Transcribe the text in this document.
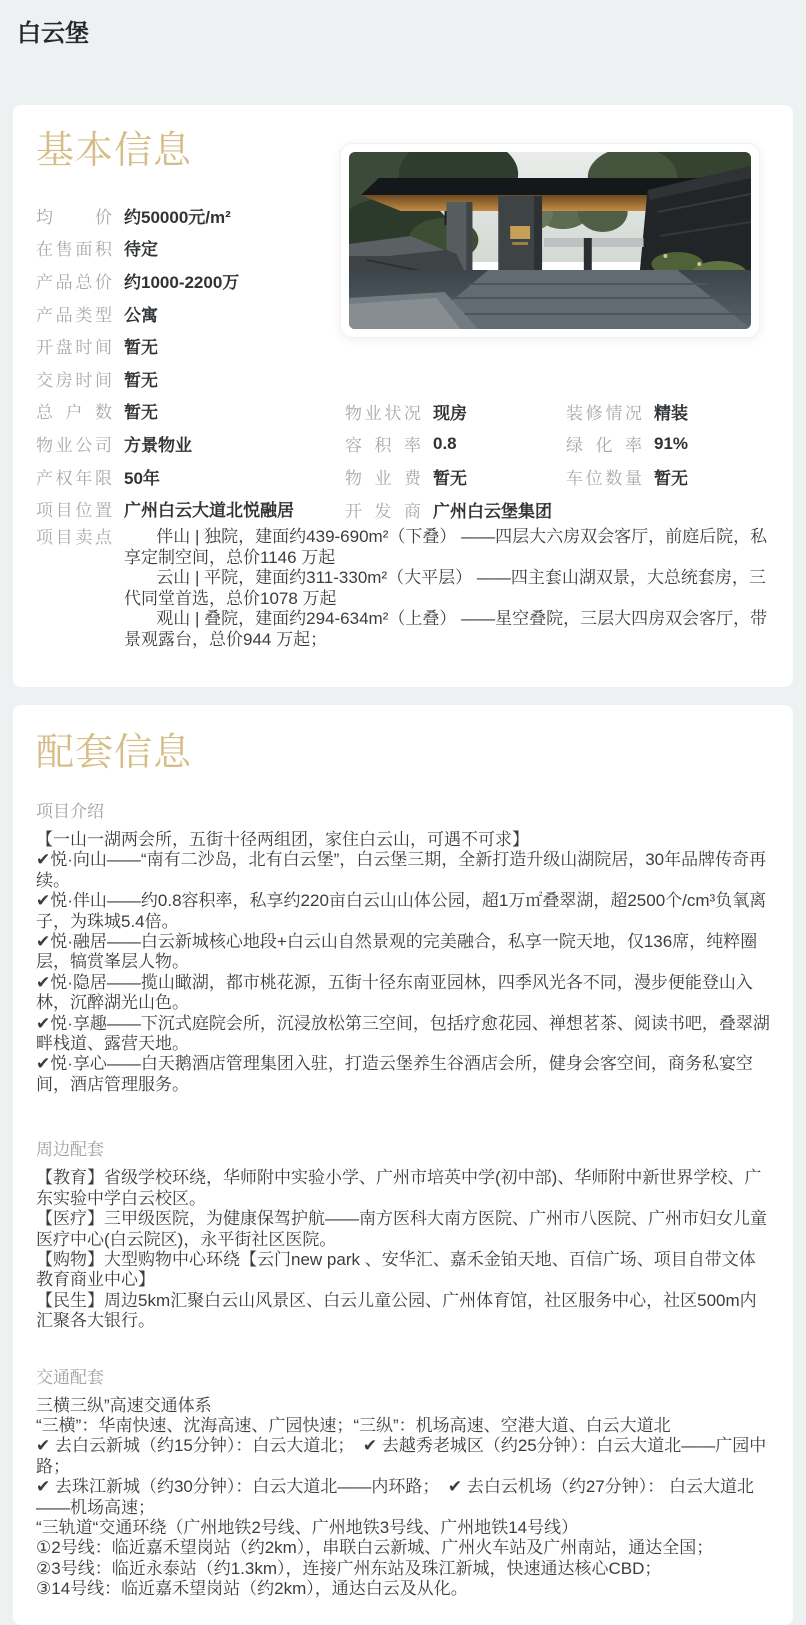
白云堡
基本信息
均价 约50000元/m²
在售面积 待定
产品总价 约1000-2200万
产品类型 公寓
开盘时间 暂无
交房时间 暂无
总户数 暂无
物业公司 方景物业
产权年限 50年
项目位置 广州白云大道北悦融居
物业状况 现房
容积率 0.8
物业费 暂无
开发商 广州白云堡集团
装修情况 精装
绿化率 91%
车位数量 暂无
项目卖点	伴山 | 独院，建面约439-690m²（下叠） ——四层大六房双会客厅，前庭后院，私享定制空间，总价1146 万起
云山 | 平院，建面约311-330m²（大平层） ——四主套山湖双景，大总统套房，三代同堂首选，总价1078 万起
观山 | 叠院，建面约294-634m²（上叠） ——星空叠院，三层大四房双会客厅，带景观露台，总价944 万起；
配套信息
项目介绍
【一山一湖两会所，五街十径两组团，家住白云山，可遇不可求】
✔悦·向山——“南有二沙岛，北有白云堡”，白云堡三期，全新打造升级山湖院居，30年品牌传奇再续。
✔悦·伴山——约0.8容积率，私享约220亩白云山山体公园，超1万㎡叠翠湖，超2500个/cm³负氧离子，为珠城5.4倍。
✔悦·融居——白云新城核心地段+白云山自然景观的完美融合，私享一院天地，仅136席，纯粹圈层，犒赏峯层人物。
✔悦·隐居——揽山瞰湖，都市桃花源，五街十径东南亚园林，四季风光各不同，漫步便能登山入林，沉醉湖光山色。
✔悦·享趣——下沉式庭院会所，沉浸放松第三空间，包括疗愈花园、禅想茗茶、阅读书吧，叠翠湖畔栈道、露营天地。
✔悦·享心——白天鹅酒店管理集团入驻，打造云堡养生谷酒店会所，健身会客空间，商务私宴空间，酒店管理服务。
周边配套
【教育】省级学校环绕，华师附中实验小学、广州市培英中学(初中部)、华师附中新世界学校、广东实验中学白云校区。
【医疗】三甲级医院，为健康保驾护航——南方医科大南方医院、广州市八医院、广州市妇女儿童医疗中心(白云院区)，永平街社区医院。
【购物】大型购物中心环绕【云门new park 、安华汇、嘉禾金铂天地、百信广场、项目自带文体教育商业中心】
【民生】周边5km汇聚白云山风景区、白云儿童公园、广州体育馆，社区服务中心，社区500m内汇聚各大银行。
交通配套
三横三纵”高速交通体系
“三横”：华南快速、沈海高速、广园快速；“三纵”：机场高速、空港大道、白云大道北
✔ 去白云新城（约15分钟）：白云大道北；　✔ 去越秀老城区（约25分钟）：白云大道北——广园中路；
✔ 去珠江新城（约30分钟）：白云大道北——内环路；　✔ 去白云机场（约27分钟）： 白云大道北——机场高速；
“三轨道“交通环绕（广州地铁2号线、广州地铁3号线、广州地铁14号线）
①2号线：临近嘉禾望岗站（约2km），串联白云新城、广州火车站及广州南站，通达全国；
②3号线：临近永泰站（约1.3km），连接广州东站及珠江新城，快速通达核心CBD；
③14号线：临近嘉禾望岗站（约2km），通达白云及从化。
